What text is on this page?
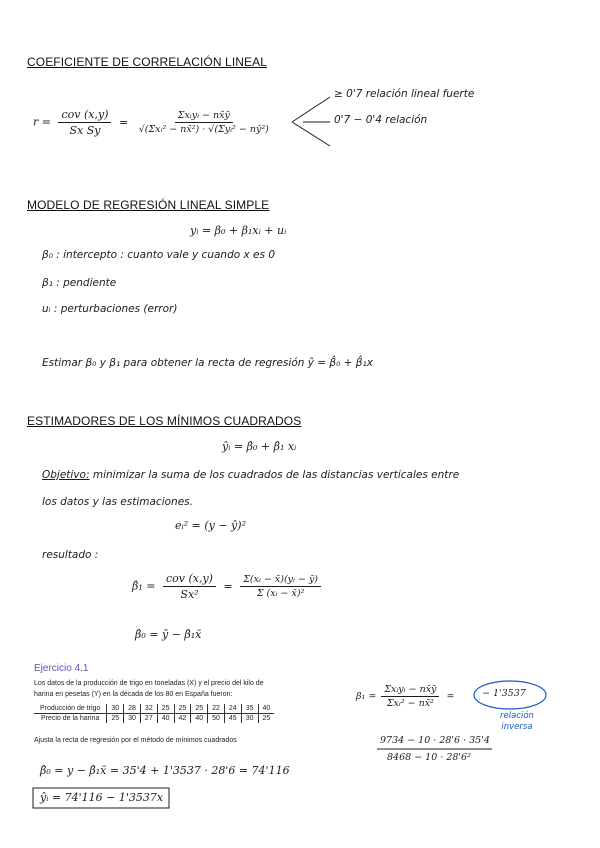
COEFICIENTE DE CORRELACIÓN LINEAL
$r = \frac{\text{cov (x,y)}}{\text{Sx Sy}} = \frac{\text{Σxᵢyᵢ − nx̄ȳ}}{\text{√(Σxᵢ² − nx̄²) · √(Σyᵢ² − nȳ²)}}$
≥ 0'7 relación lineal fuerte
0'7 − 0'4 relación
MODELO DE REGRESIÓN LINEAL SIMPLE
yᵢ = β₀ + β₁xᵢ + uᵢ
β₀ : intercepto : cuanto vale y cuando x es 0
β₁ : pendiente
uᵢ : perturbaciones (error)
Estimar β₀ y β₁ para obtener la recta de regresión ŷ = β̂₀ + β̂₁x
ESTIMADORES DE LOS MÍNIMOS CUADRADOS
ŷᵢ = β̂₀ + β̂₁ xᵢ
Objetivo: minimizar la suma de los cuadrados de las distancias verticales entre
los datos y las estimaciones.
eᵢ² = (y − ŷ)²
resultado :
β̂₁ = $\frac{\text{cov (x,y)}}{\text{Sx²}} = \frac{\text{Σ(xᵢ − x̄)(yᵢ − ȳ)}}{\text{Σ (xᵢ − x̄)²}}$
β̂₀ = ȳ − β̂₁x̄
Ejercicio 4.1
Los datos de la producción de trigo en toneladas (X) y el precio del kilo de
harina en pesetas (Y) en la década de los 80 en España fueron:
Producción de trigo	30	28	32	25	25	25	22	24	35	40
Precio de la harina	25	30	27	40	42	40	50	45	30	25
Ajusta la recta de regresión por el método de mínimos cuadrados
$\beta_1 = \frac{\text{Σxᵢyᵢ − nx̄ȳ}}{\text{Σxᵢ² − nx̄²}}$ =	− 1'3537
relación
inversa
9734 − 10 · 28'6 · 35'4
8468 − 10 · 28'6²
β̂₀ = y − β̂₁x̄ = 35'4 + 1'3537 · 28'6 = 74'116
ŷᵢ = 74'116 − 1'3537x
